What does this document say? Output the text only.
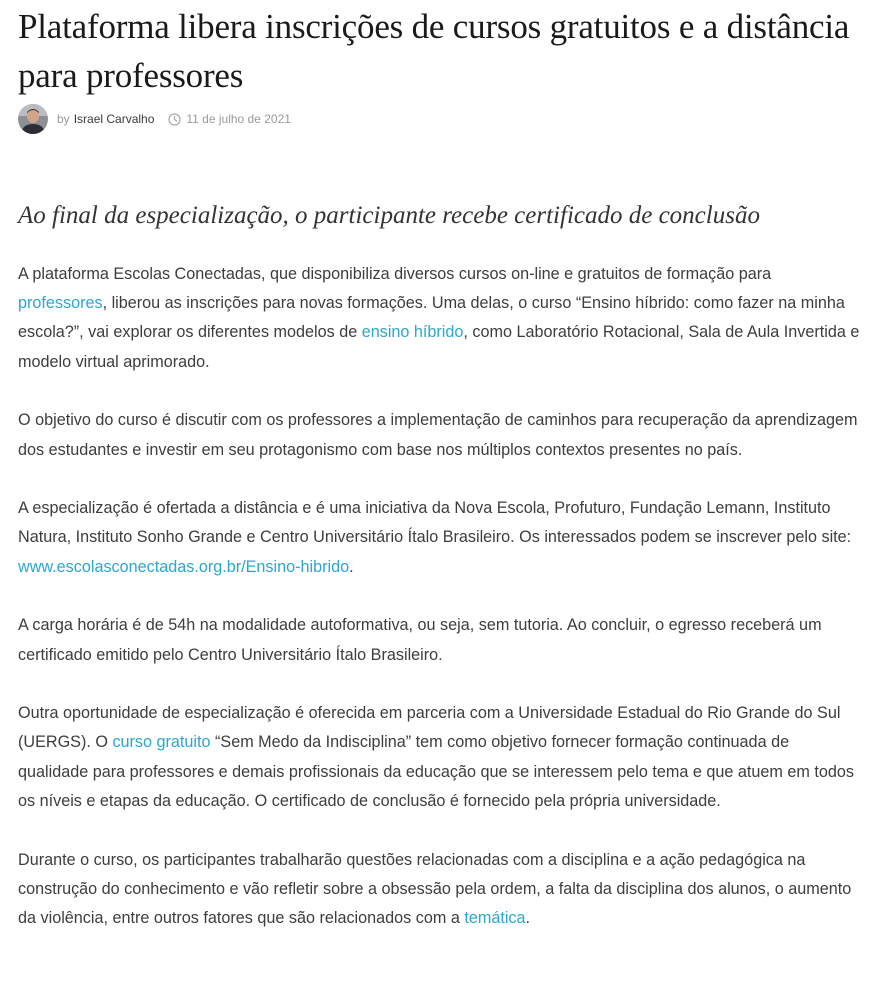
Plataforma libera inscrições de cursos gratuitos e a distância para professores
by Israel Carvalho	11 de julho de 2021
Ao final da especialização, o participante recebe certificado de conclusão

A plataforma Escolas Conectadas, que disponibiliza diversos cursos on-line e gratuitos de formação para professores, liberou as inscrições para novas formações. Uma delas, o curso “Ensino híbrido: como fazer na minha escola?”, vai explorar os diferentes modelos de ensino híbrido, como Laboratório Rotacional, Sala de Aula Invertida e modelo virtual aprimorado.

O objetivo do curso é discutir com os professores a implementação de caminhos para recuperação da aprendizagem dos estudantes e investir em seu protagonismo com base nos múltiplos contextos presentes no país.

A especialização é ofertada a distância e é uma iniciativa da Nova Escola, Profuturo, Fundação Lemann, Instituto Natura, Instituto Sonho Grande e Centro Universitário Ítalo Brasileiro. Os interessados podem se inscrever pelo site: www.escolasconectadas.org.br/Ensino-hibrido.

A carga horária é de 54h na modalidade autoformativa, ou seja, sem tutoria. Ao concluir, o egresso receberá um certificado emitido pelo Centro Universitário Ítalo Brasileiro.

Outra oportunidade de especialização é oferecida em parceria com a Universidade Estadual do Rio Grande do Sul (UERGS). O curso gratuito “Sem Medo da Indisciplina” tem como objetivo fornecer formação continuada de qualidade para professores e demais profissionais da educação que se interessem pelo tema e que atuem em todos os níveis e etapas da educação. O certificado de conclusão é fornecido pela própria universidade.

Durante o curso, os participantes trabalharão questões relacionadas com a disciplina e a ação pedagógica na construção do conhecimento e vão refletir sobre a obsessão pela ordem, a falta da disciplina dos alunos, o aumento da violência, entre outros fatores que são relacionados com a temática.
